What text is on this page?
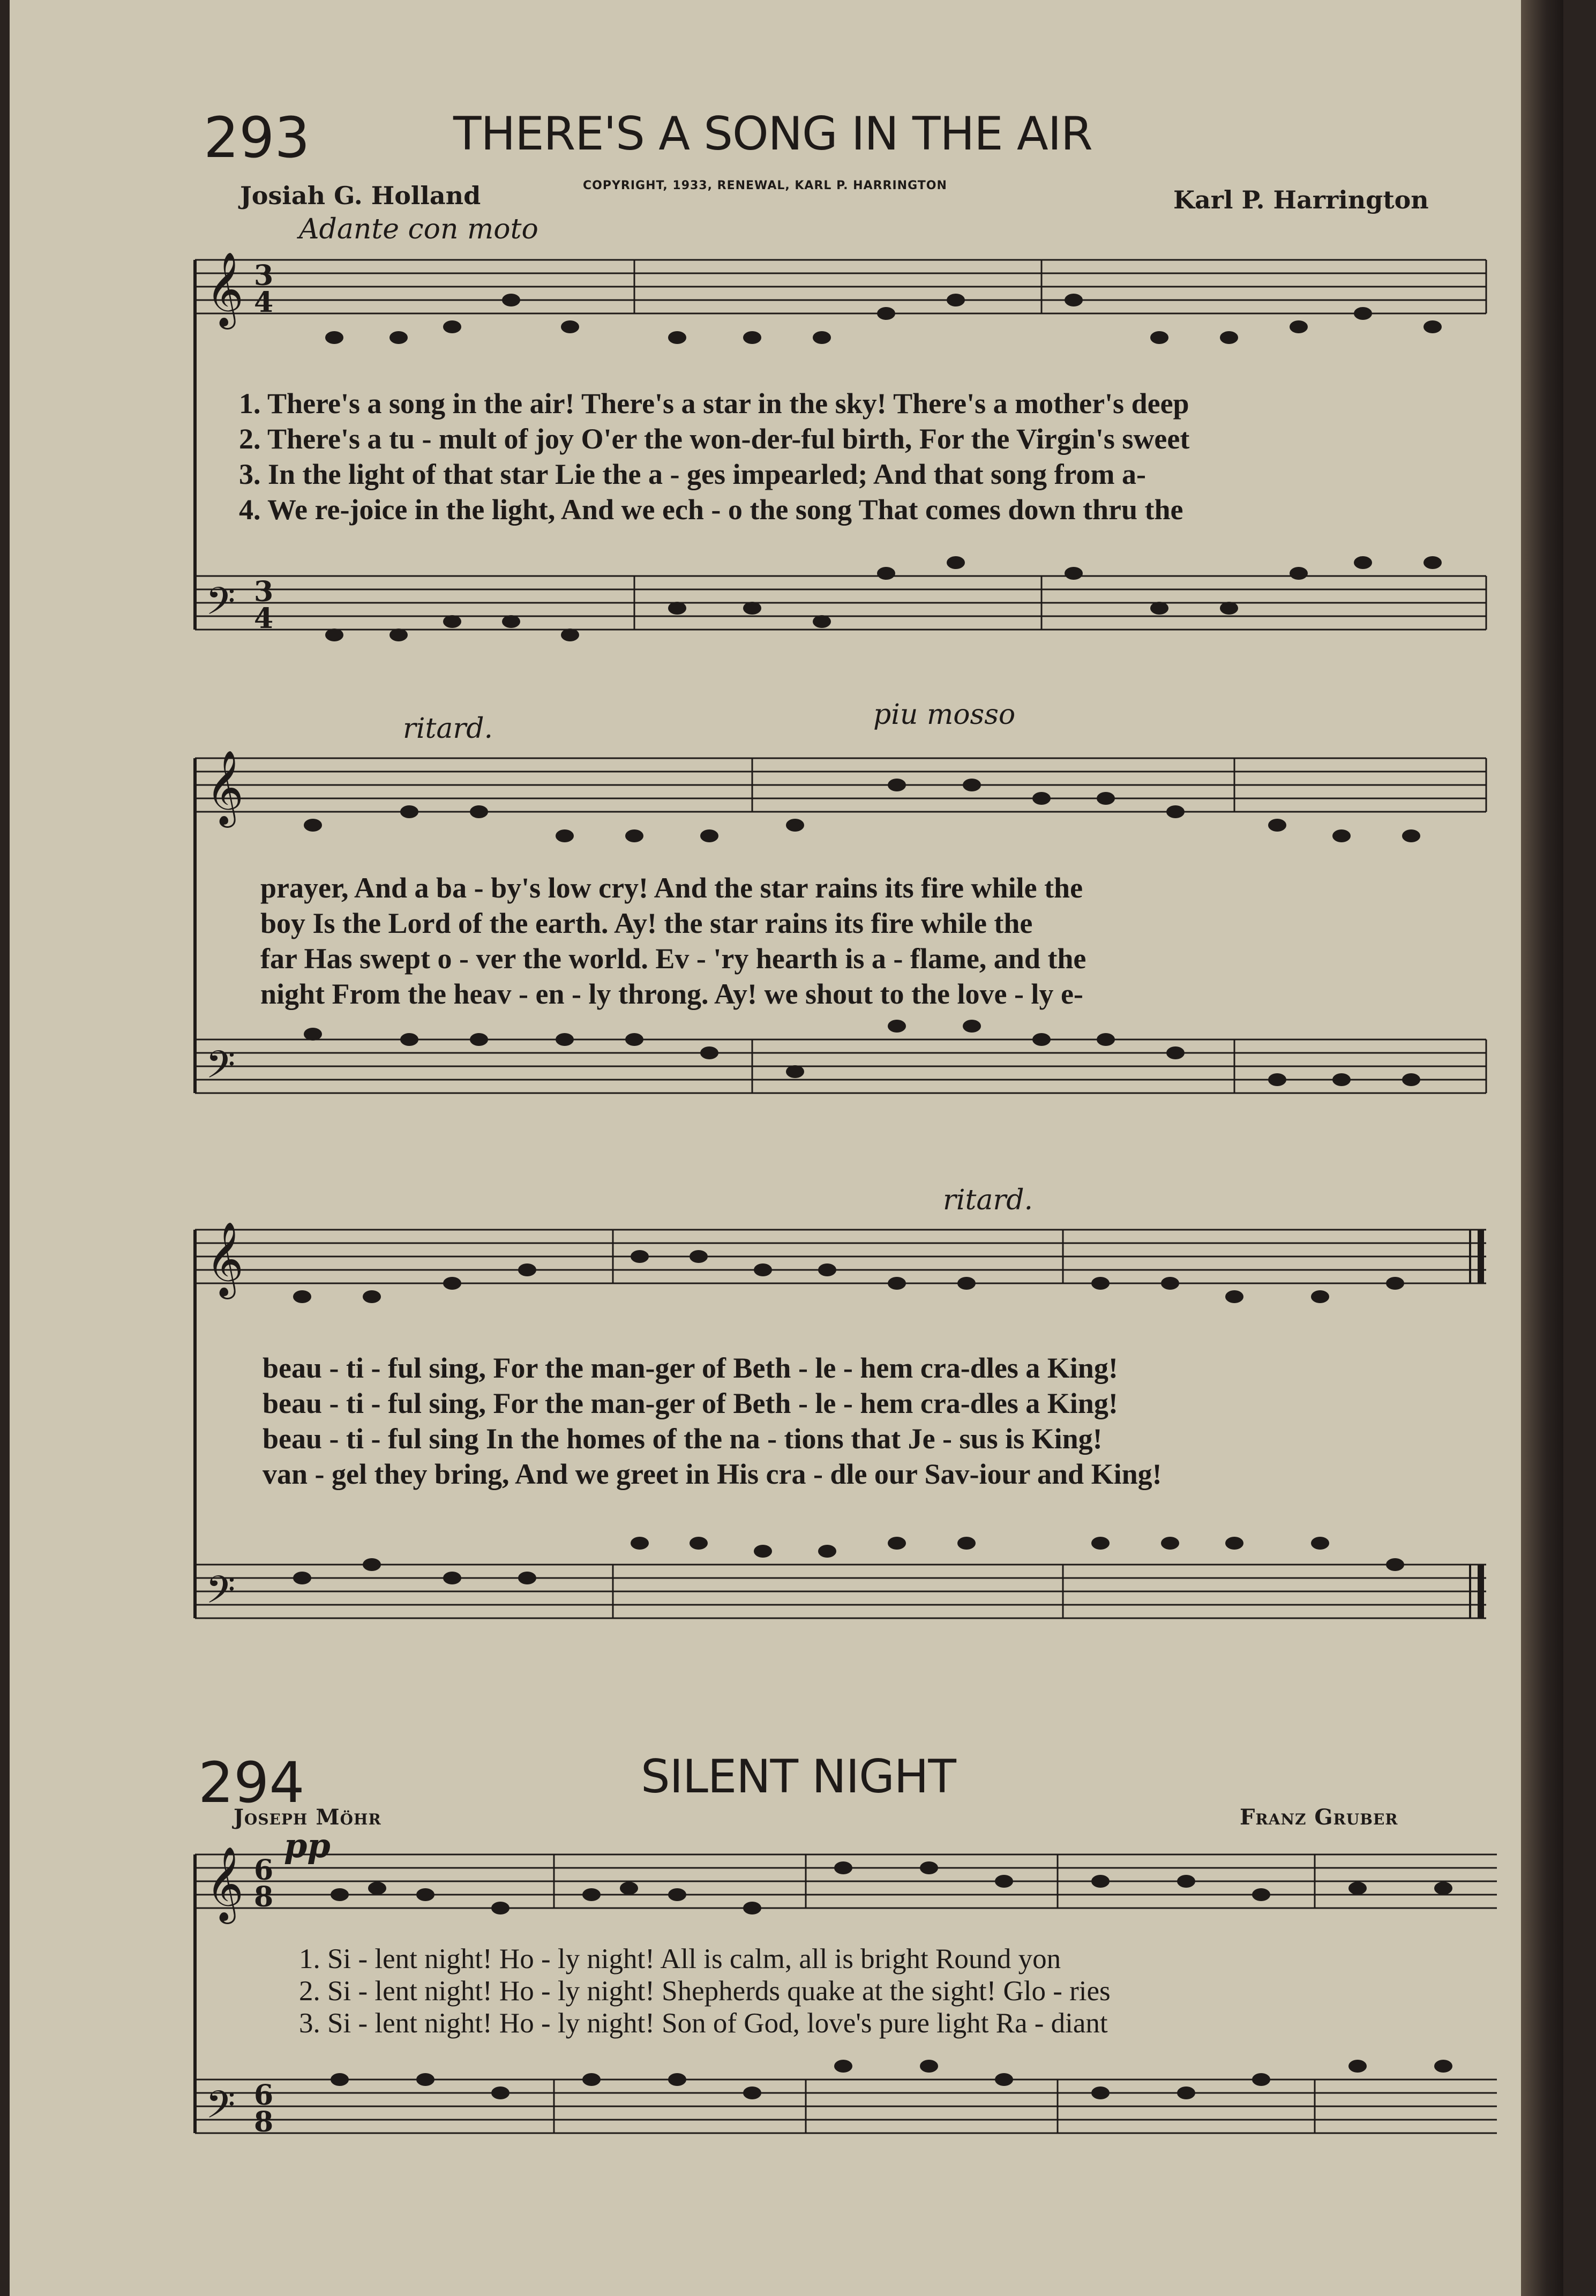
293	THERE'S A SONG IN THE AIR
Josiah G. Holland	COPYRIGHT, 1933, RENEWAL, KARL P. HARRINGTON	Karl P. Harrington
Adante con moto
𝄞
𝄢
3
4
3
4
1. There's a song in the air! There's a star in the sky! There's a mother's deep
2. There's a tu - mult of joy O'er the won-der-ful birth, For the Virgin's sweet
3. In the light of that star Lie the a - ges impearled; And that song from a-
4. We re-joice in the light, And we ech - o the song That comes down thru the
ritard.	piu mosso
𝄞
𝄢
prayer, And a ba - by's low cry! And the star rains its fire while the
boy Is the Lord of the earth. Ay! the star rains its fire while the
far Has swept o - ver the world. Ev - 'ry hearth is a - flame, and the
night From the heav - en - ly throng. Ay! we shout to the love - ly e-
ritard.
𝄞
𝄢
beau - ti - ful sing, For the man-ger of Beth - le - hem cra-dles a King!
beau - ti - ful sing, For the man-ger of Beth - le - hem cra-dles a King!
beau - ti - ful sing In the homes of the na - tions that Je - sus is King!
van - gel they bring, And we greet in His cra - dle our Sav-iour and King!
294	SILENT NIGHT
Joseph Möhr	Franz Gruber
pp
𝄞
𝄢
6
8
6
8
1. Si - lent night! Ho - ly night! All is calm, all is bright Round yon
2. Si - lent night! Ho - ly night! Shepherds quake at the sight! Glo - ries
3. Si - lent night! Ho - ly night! Son of God, love's pure light Ra - diant
